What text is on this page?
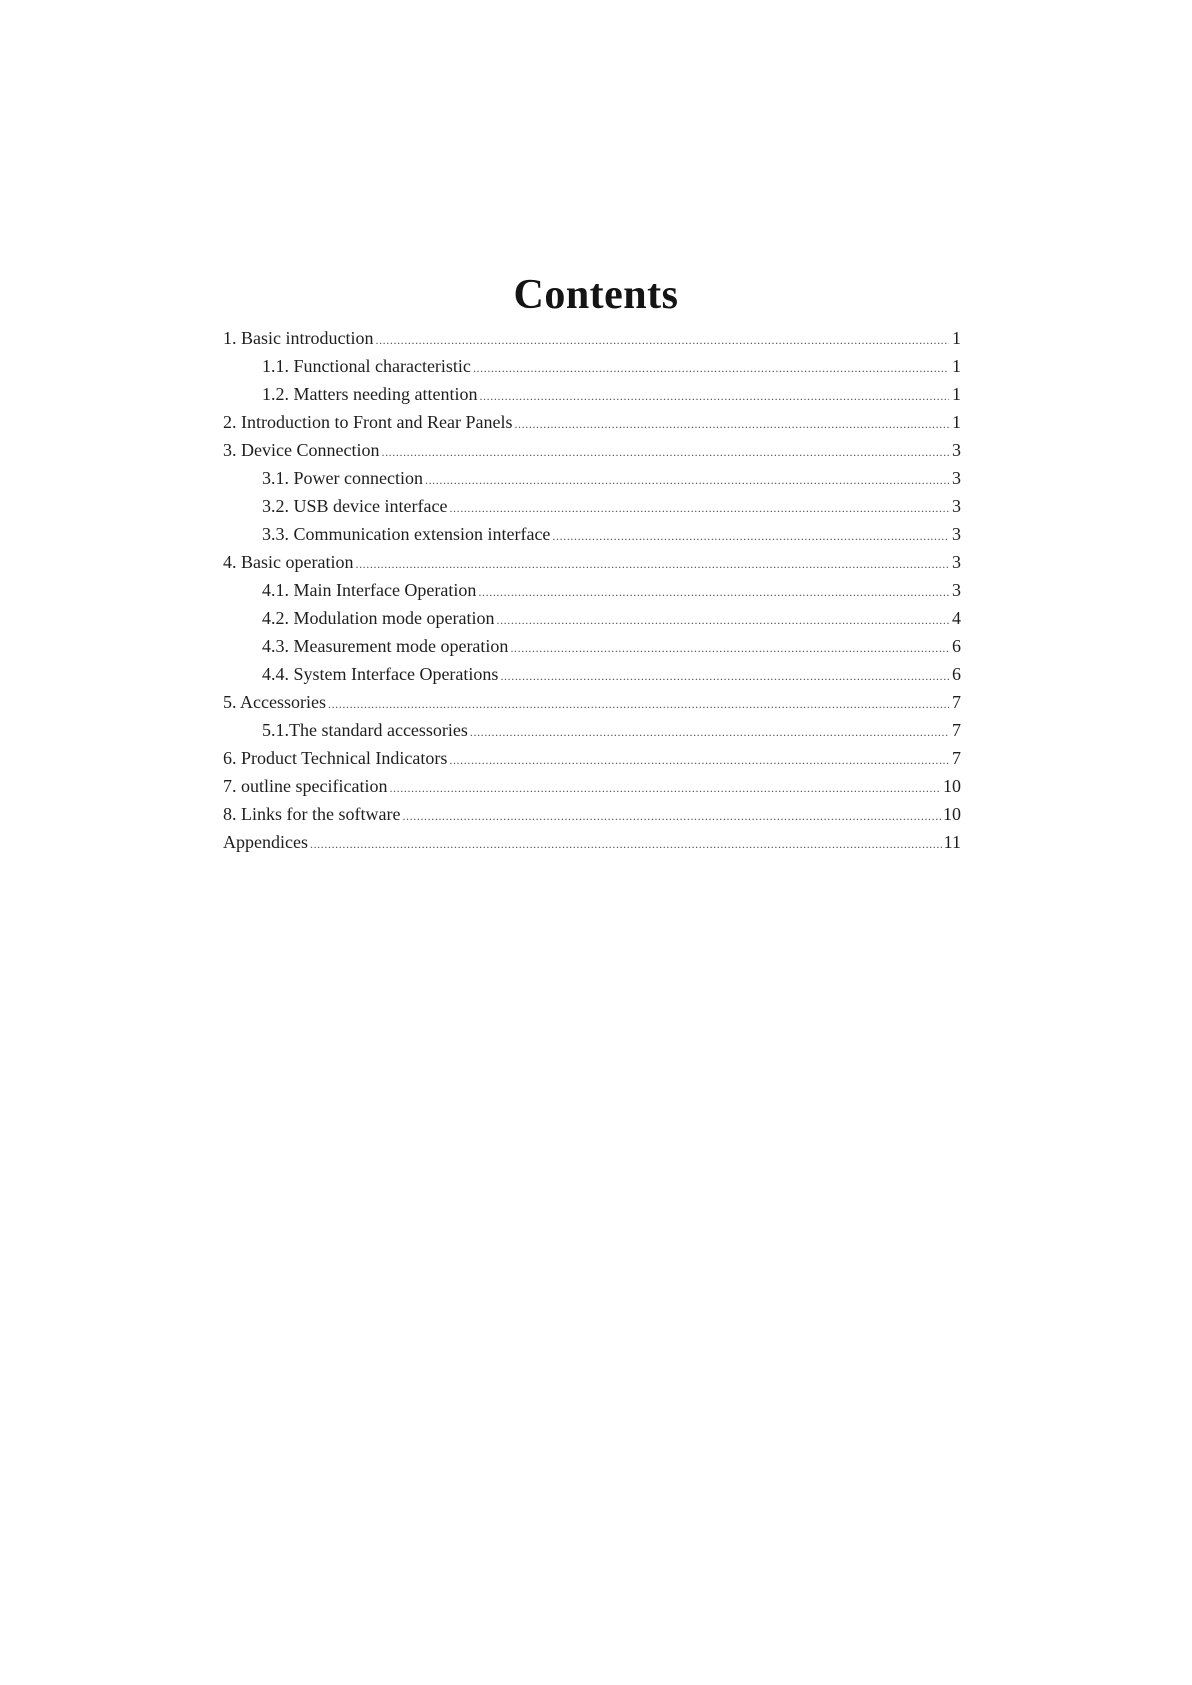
Contents
1. Basic introduction .....	1
1.1. Functional characteristic .....	1
1.2. Matters needing attention .....	1
2. Introduction to Front and Rear Panels .....	1
3. Device Connection .....	3
3.1. Power connection .....	3
3.2. USB device interface .....	3
3.3. Communication extension interface .....	3
4. Basic operation .....	3
4.1. Main Interface Operation .....	3
4.2. Modulation mode operation .....	4
4.3. Measurement mode operation .....	6
4.4. System Interface Operations .....	6
5. Accessories .....	7
5.1.The standard accessories .....	7
6. Product Technical Indicators .....	7
7. outline specification .....	10
8. Links for the software .....	10
Appendices .....	11
